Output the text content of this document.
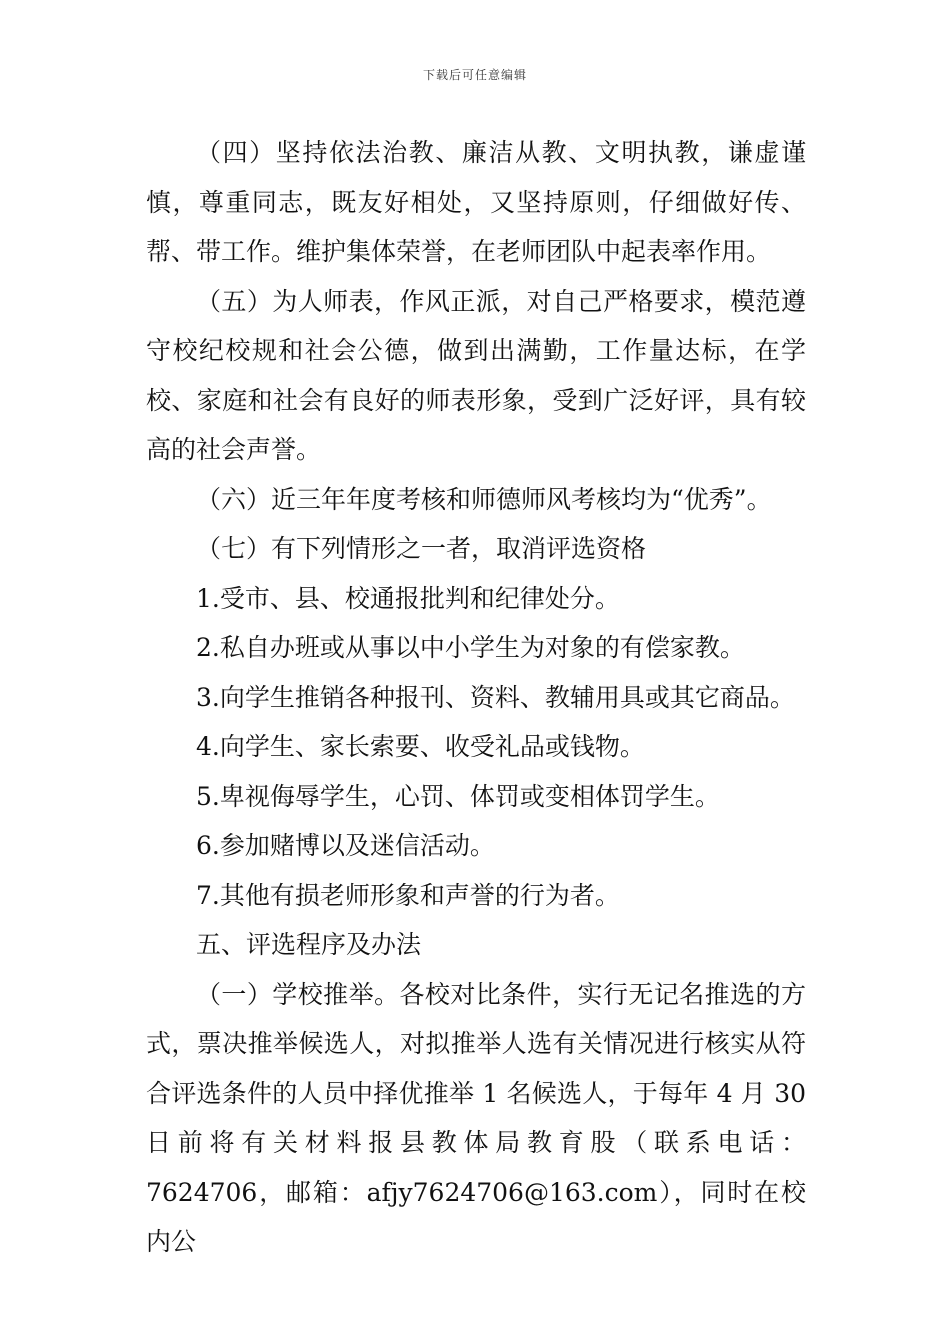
下载后可任意编辑

（四）坚持依法治教、廉洁从教、文明执教，谦虚谨慎，尊重同志，既友好相处，又坚持原则，仔细做好传、帮、带工作。维护集体荣誉，在老师团队中起表率作用。

（五）为人师表，作风正派，对自己严格要求，模范遵守校纪校规和社会公德，做到出满勤，工作量达标，在学校、家庭和社会有良好的师表形象，受到广泛好评，具有较高的社会声誉。

（六）近三年年度考核和师德师风考核均为“优秀”。

（七）有下列情形之一者，取消评选资格

1.受市、县、校通报批判和纪律处分。

2.私自办班或从事以中小学生为对象的有偿家教。

3.向学生推销各种报刊、资料、教辅用具或其它商品。

4.向学生、家长索要、收受礼品或钱物。

5.卑视侮辱学生，心罚、体罚或变相体罚学生。

6.参加赌博以及迷信活动。

7.其他有损老师形象和声誉的行为者。

五、评选程序及办法

（一）学校推举。各校对比条件，实行无记名推选的方式，票决推举候选人，对拟推举人选有关情况进行核实从符合评选条件的人员中择优推举 1 名候选人，于每年 4 月 30 日前将有关材料报县教体局教育股（联系电话：7624706，邮箱：afjy7624706@163.com），同时在校内公
